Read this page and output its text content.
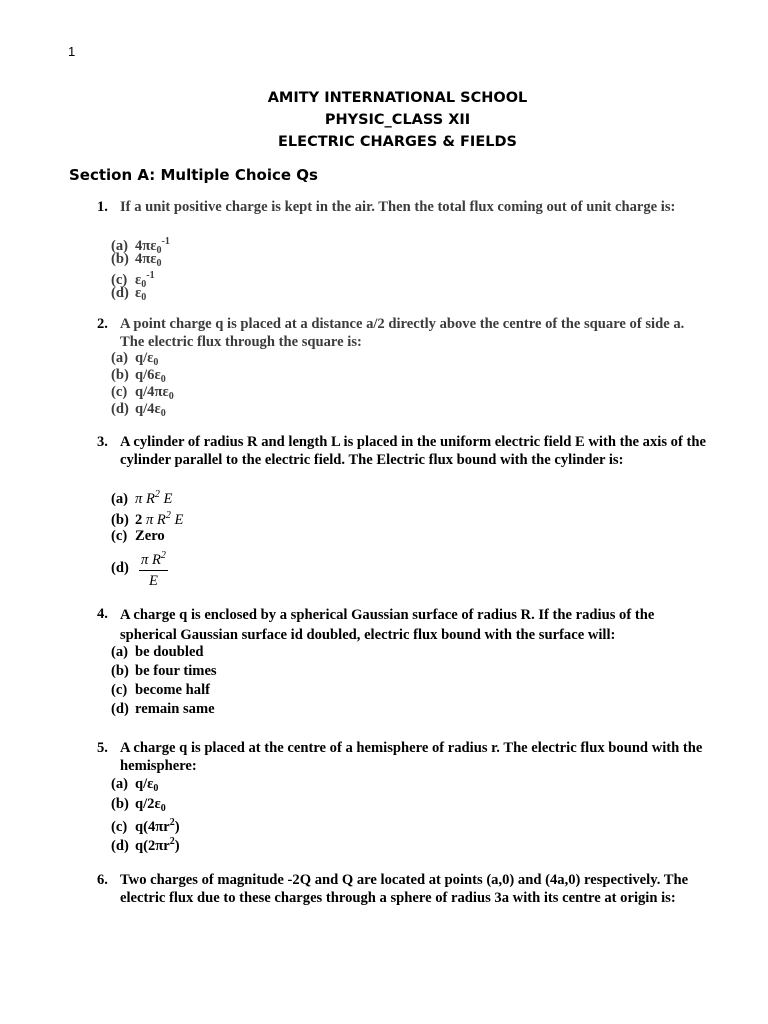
1
AMITY INTERNATIONAL SCHOOL
PHYSIC_CLASS XII
ELECTRIC CHARGES & FIELDS
Section A: Multiple Choice Qs
1. If a unit positive charge is kept in the air. Then the total flux coming out of unit charge is:
(a) $4\pi\varepsilon_0^{-1}$
(b) $4\pi\varepsilon_0$
(c) $\varepsilon_0^{-1}$
(d) $\varepsilon_0$
2. A point charge q is placed at a distance a/2 directly above the centre of the square of side a. The electric flux through the square is:
(a) $q/\varepsilon_0$
(b) $q/6\varepsilon_0$
(c) $q/4\pi\varepsilon_0$
(d) $q/4\varepsilon_0$
3. A cylinder of radius R and length L is placed in the uniform electric field E with the axis of the cylinder parallel to the electric field. The Electric flux bound with the cylinder is:
(a) π $R^2$ E
(b) 2 π $R^2$ E
(c) Zero
$(d) \frac{\pi R^2}{E}$
4. A charge q is enclosed by a spherical Gaussian surface of radius R. If the radius of the spherical Gaussian surface id doubled, electric flux bound with the surface will:
(a) be doubled
(b) be four times
(c) become half
(d) remain same
5. A charge q is placed at the centre of a hemisphere of radius r. The electric flux bound with the hemisphere:
(a) $q/\varepsilon_0$
(b) $q/2\varepsilon_0$
(c) $q(4\pi r^2)$
(d) $q(2\pi r^2)$
6. Two charges of magnitude -2Q and Q are located at points (a,0) and (4a,0) respectively. The electric flux due to these charges through a sphere of radius 3a with its centre at origin is:
